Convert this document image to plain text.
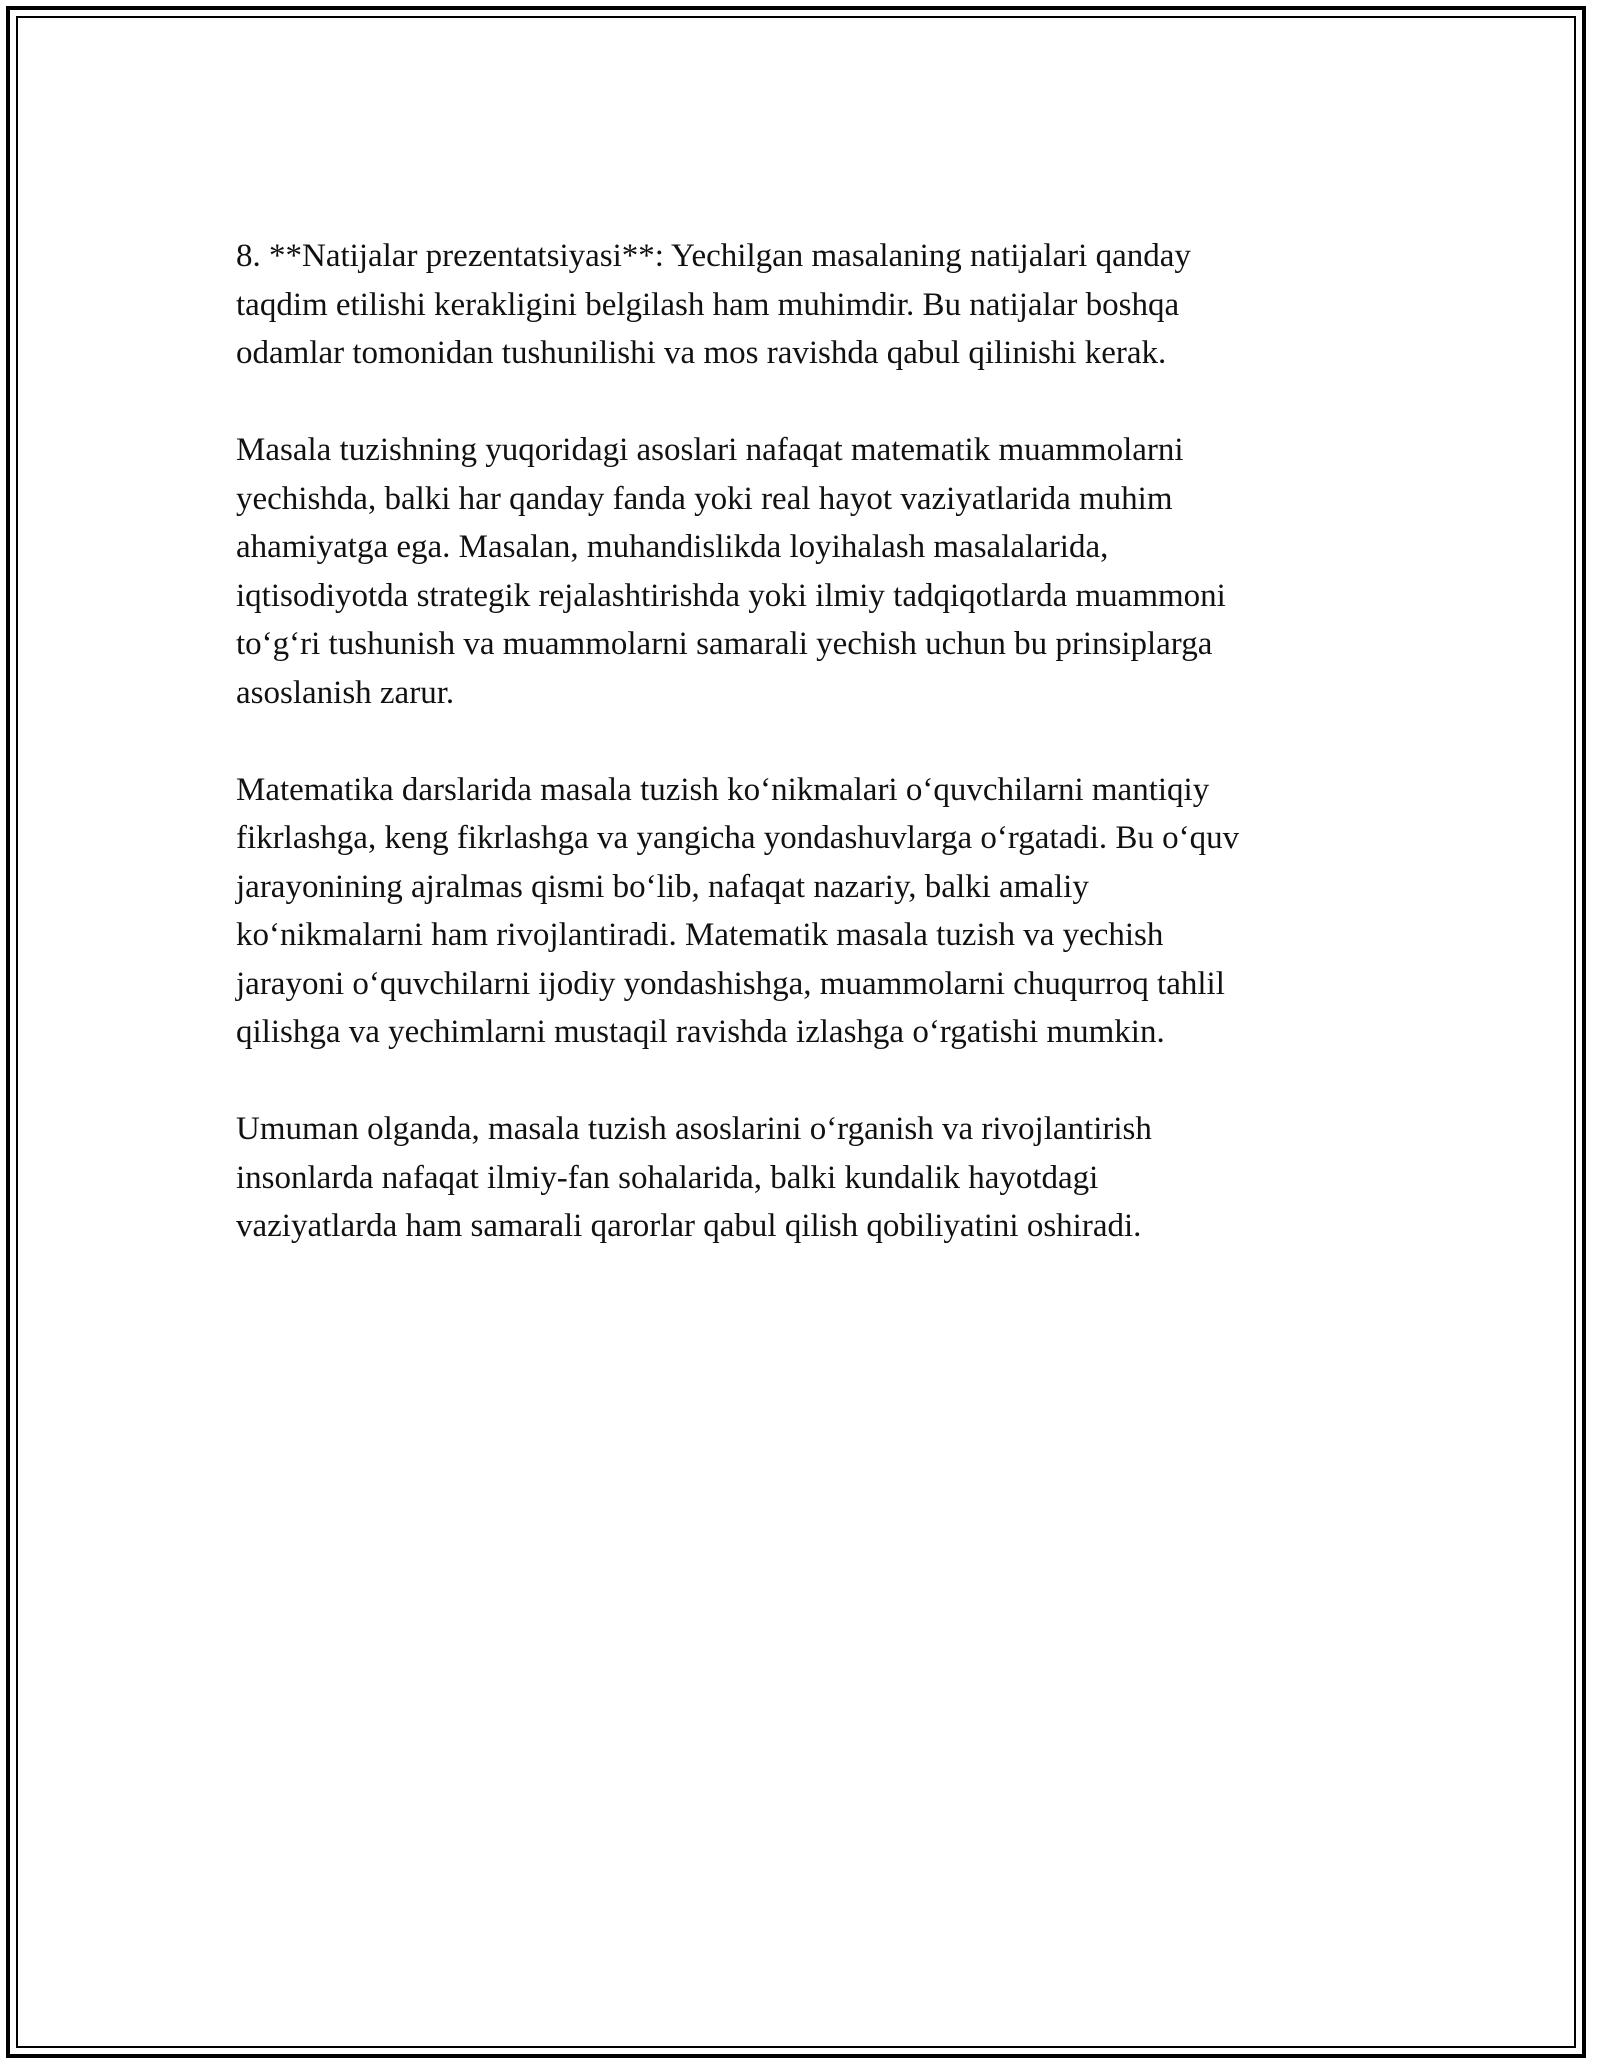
8. **Natijalar prezentatsiyasi**: Yechilgan masalaning natijalari qanday
taqdim etilishi kerakligini belgilash ham muhimdir. Bu natijalar boshqa
odamlar tomonidan tushunilishi va mos ravishda qabul qilinishi kerak.

Masala tuzishning yuqoridagi asoslari nafaqat matematik muammolarni
yechishda, balki har qanday fanda yoki real hayot vaziyatlarida muhim
ahamiyatga ega. Masalan, muhandislikda loyihalash masalalarida,
iqtisodiyotda strategik rejalashtirishda yoki ilmiy tadqiqotlarda muammoni
to‘g‘ri tushunish va muammolarni samarali yechish uchun bu prinsiplarga
asoslanish zarur.

Matematika darslarida masala tuzish ko‘nikmalari o‘quvchilarni mantiqiy
fikrlashga, keng fikrlashga va yangicha yondashuvlarga o‘rgatadi. Bu o‘quv
jarayonining ajralmas qismi bo‘lib, nafaqat nazariy, balki amaliy
ko‘nikmalarni ham rivojlantiradi. Matematik masala tuzish va yechish
jarayoni o‘quvchilarni ijodiy yondashishga, muammolarni chuqurroq tahlil
qilishga va yechimlarni mustaqil ravishda izlashga o‘rgatishi mumkin.

Umuman olganda, masala tuzish asoslarini o‘rganish va rivojlantirish
insonlarda nafaqat ilmiy-fan sohalarida, balki kundalik hayotdagi
vaziyatlarda ham samarali qarorlar qabul qilish qobiliyatini oshiradi.
